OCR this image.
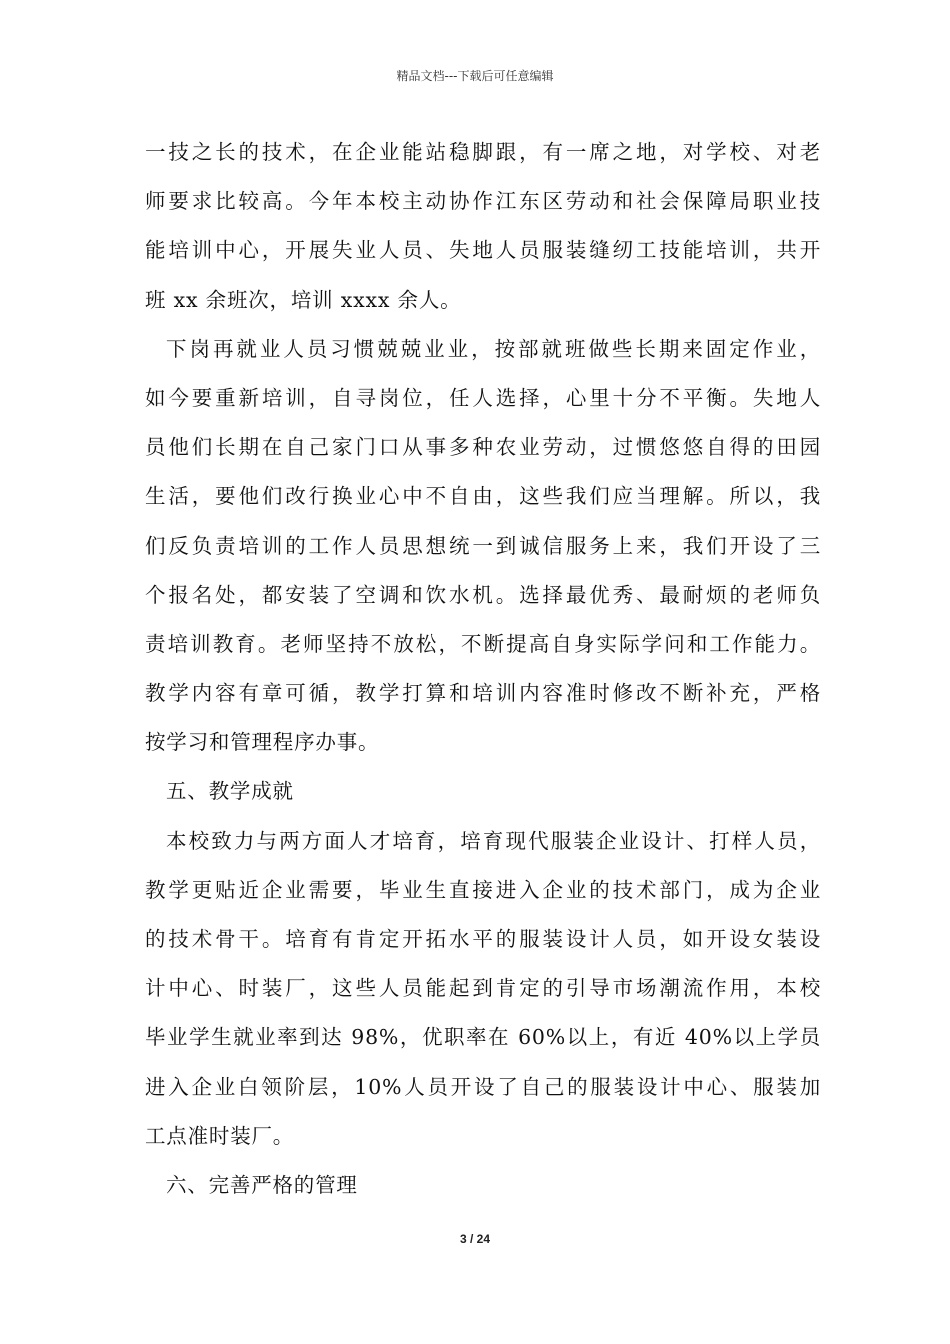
精品文档---下载后可任意编辑
一技之长的技术，在企业能站稳脚跟，有一席之地，对学校、对老
师要求比较高。今年本校主动协作江东区劳动和社会保障局职业技
能培训中心，开展失业人员、失地人员服装缝纫工技能培训，共开
班 xx 余班次，培训 xxxx 余人。
下岗再就业人员习惯兢兢业业，按部就班做些长期来固定作业，
如今要重新培训，自寻岗位，任人选择，心里十分不平衡。失地人
员他们长期在自己家门口从事多种农业劳动，过惯悠悠自得的田园
生活，要他们改行换业心中不自由，这些我们应当理解。所以，我
们反负责培训的工作人员思想统一到诚信服务上来，我们开设了三
个报名处，都安装了空调和饮水机。选择最优秀、最耐烦的老师负
责培训教育。老师坚持不放松，不断提高自身实际学问和工作能力。
教学内容有章可循，教学打算和培训内容准时修改不断补充，严格
按学习和管理程序办事。
五、教学成就
本校致力与两方面人才培育，培育现代服装企业设计、打样人员，
教学更贴近企业需要，毕业生直接进入企业的技术部门，成为企业
的技术骨干。培育有肯定开拓水平的服装设计人员，如开设女装设
计中心、时装厂，这些人员能起到肯定的引导市场潮流作用，本校
毕业学生就业率到达 98%，优职率在 60%以上，有近 40%以上学员
进入企业白领阶层，10%人员开设了自己的服装设计中心、服装加
工点准时装厂。
六、完善严格的管理
3 / 24
